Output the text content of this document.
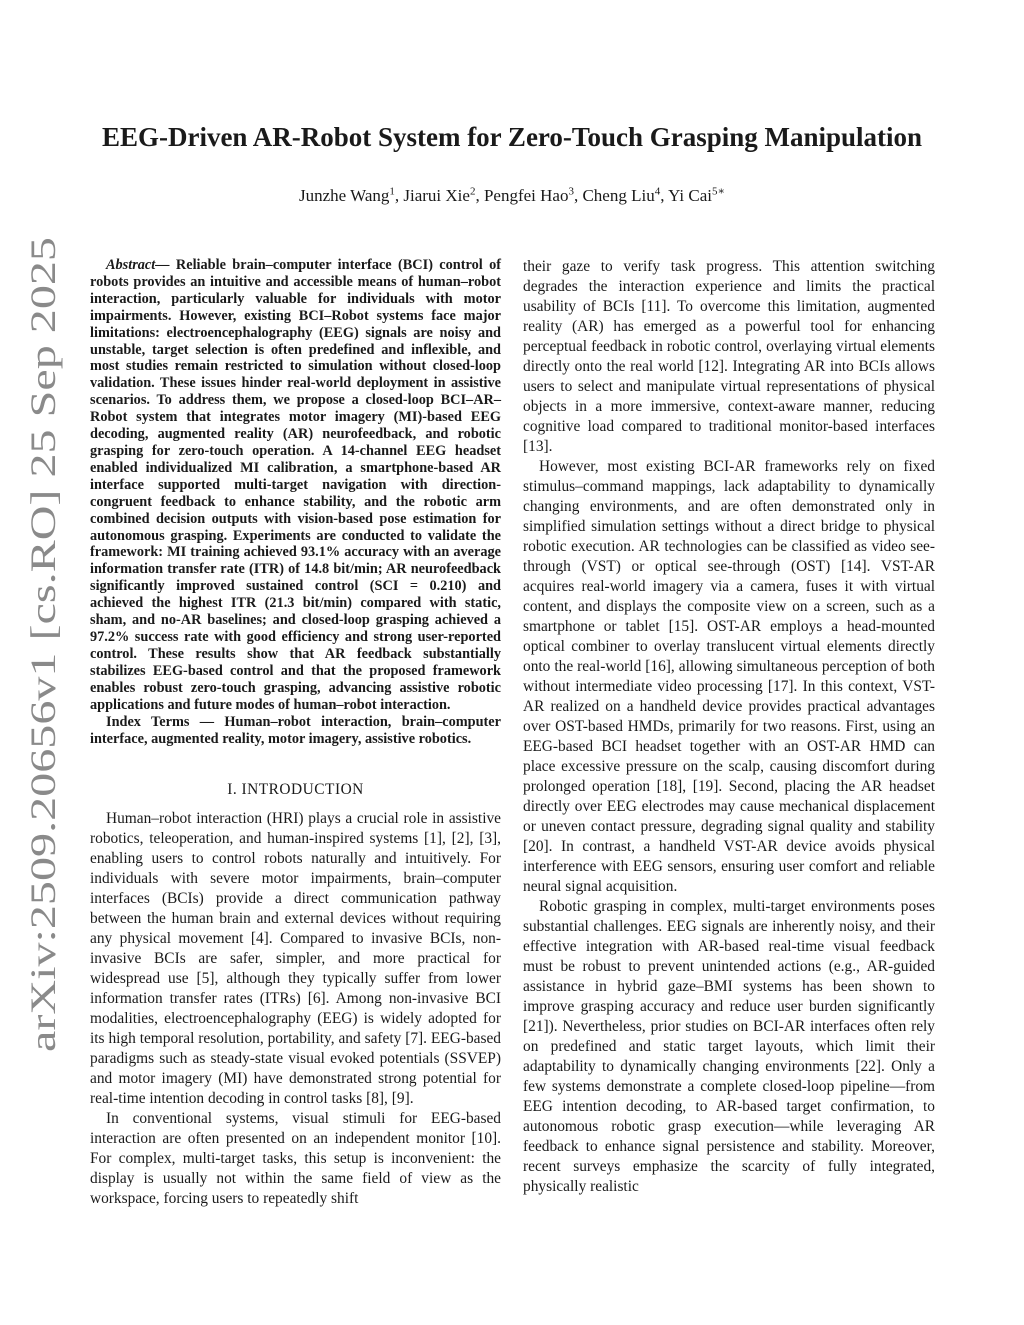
arXiv:2509.20656v1 [cs.RO] 25 Sep 2025
EEG-Driven AR-Robot System for Zero-Touch Grasping Manipulation
Junzhe Wang$^1$, Jiarui Xie$^2$, Pengfei Hao$^3$, Cheng Liu$^4$, Yi Cai$^{5∗}$

Abstract— Reliable brain–computer interface (BCI) control of robots provides an intuitive and accessible means of human–robot interaction, particularly valuable for individuals with motor impairments. However, existing BCI–Robot systems face major limitations: electroencephalography (EEG) signals are noisy and unstable, target selection is often predefined and inflexible, and most studies remain restricted to simulation without closed-loop validation. These issues hinder real-world deployment in assistive scenarios. To address them, we propose a closed-loop BCI–AR–Robot system that integrates motor imagery (MI)-based EEG decoding, augmented reality (AR) neurofeedback, and robotic grasping for zero-touch operation. A 14-channel EEG headset enabled individualized MI calibration, a smartphone-based AR interface supported multi-target navigation with direction-congruent feedback to enhance stability, and the robotic arm combined decision outputs with vision-based pose estimation for autonomous grasping. Experiments are conducted to validate the framework: MI training achieved 93.1% accuracy with an average information transfer rate (ITR) of 14.8 bit/min; AR neurofeedback significantly improved sustained control (SCI = 0.210) and achieved the highest ITR (21.3 bit/min) compared with static, sham, and no-AR baselines; and closed-loop grasping achieved a 97.2% success rate with good efficiency and strong user-reported control. These results show that AR feedback substantially stabilizes EEG-based control and that the proposed framework enables robust zero-touch grasping, advancing assistive robotic applications and future modes of human–robot interaction.

Index Terms — Human–robot interaction, brain–computer interface, augmented reality, motor imagery, assistive robotics.

I. INTRODUCTION

Human–robot interaction (HRI) plays a crucial role in assistive robotics, teleoperation, and human-inspired systems [1], [2], [3], enabling users to control robots naturally and intuitively. For individuals with severe motor impairments, brain–computer interfaces (BCIs) provide a direct communication pathway between the human brain and external devices without requiring any physical movement [4]. Compared to invasive BCIs, non-invasive BCIs are safer, simpler, and more practical for widespread use [5], although they typically suffer from lower information transfer rates (ITRs) [6]. Among non-invasive BCI modalities, electroencephalography (EEG) is widely adopted for its high temporal resolution, portability, and safety [7]. EEG-based paradigms such as steady-state visual evoked potentials (SSVEP) and motor imagery (MI) have demonstrated strong potential for real-time intention decoding in control tasks [8], [9].

In conventional systems, visual stimuli for EEG-based interaction are often presented on an independent monitor [10]. For complex, multi-target tasks, this setup is inconvenient: the display is usually not within the same field of view as the workspace, forcing users to repeatedly shift

their gaze to verify task progress. This attention switching degrades the interaction experience and limits the practical usability of BCIs [11]. To overcome this limitation, augmented reality (AR) has emerged as a powerful tool for enhancing perceptual feedback in robotic control, overlaying virtual elements directly onto the real world [12]. Integrating AR into BCIs allows users to select and manipulate virtual representations of physical objects in a more immersive, context-aware manner, reducing cognitive load compared to traditional monitor-based interfaces [13].

However, most existing BCI-AR frameworks rely on fixed stimulus–command mappings, lack adaptability to dynamically changing environments, and are often demonstrated only in simplified simulation settings without a direct bridge to physical robotic execution. AR technologies can be classified as video see-through (VST) or optical see-through (OST) [14]. VST-AR acquires real-world imagery via a camera, fuses it with virtual content, and displays the composite view on a screen, such as a smartphone or tablet [15]. OST-AR employs a head-mounted optical combiner to overlay translucent virtual elements directly onto the real-world [16], allowing simultaneous perception of both without intermediate video processing [17]. In this context, VST-AR realized on a handheld device provides practical advantages over OST-based HMDs, primarily for two reasons. First, using an EEG-based BCI headset together with an OST-AR HMD can place excessive pressure on the scalp, causing discomfort during prolonged operation [18], [19]. Second, placing the AR headset directly over EEG electrodes may cause mechanical displacement or uneven contact pressure, degrading signal quality and stability [20]. In contrast, a handheld VST-AR device avoids physical interference with EEG sensors, ensuring user comfort and reliable neural signal acquisition.

Robotic grasping in complex, multi-target environments poses substantial challenges. EEG signals are inherently noisy, and their effective integration with AR-based real-time visual feedback must be robust to prevent unintended actions (e.g., AR-guided assistance in hybrid gaze–BMI systems has been shown to improve grasping accuracy and reduce user burden significantly [21]). Nevertheless, prior studies on BCI-AR interfaces often rely on predefined and static target layouts, which limit their adaptability to dynamically changing environments [22]. Only a few systems demonstrate a complete closed-loop pipeline—from EEG intention decoding, to AR-based target confirmation, to autonomous robotic grasp execution—while leveraging AR feedback to enhance signal persistence and stability. Moreover, recent surveys emphasize the scarcity of fully integrated, physically realistic
